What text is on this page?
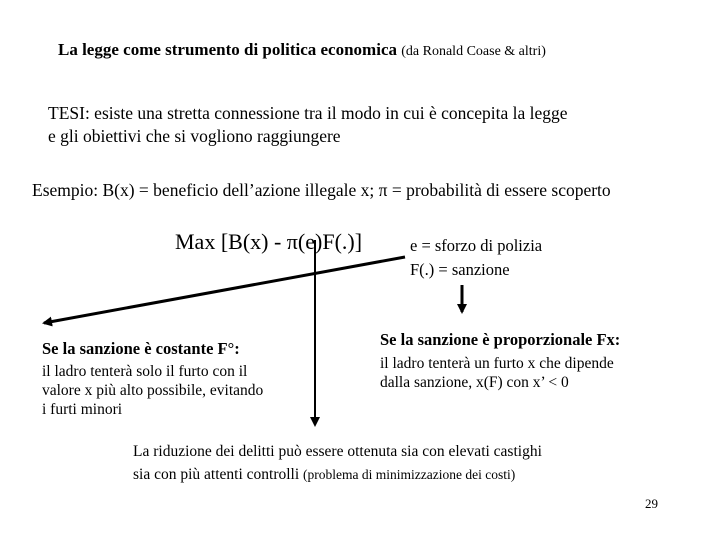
La legge come strumento di politica economica (da Ronald Coase & altri)
TESI: esiste una stretta connessione tra il modo in cui è concepita la legge
e gli obiettivi che si vogliono raggiungere
Esempio: B(x) = beneficio dell’azione illegale x; π = probabilità di essere scoperto
Max [B(x) - π(e)F(.)]	e = sforzo di polizia
F(.) = sanzione
Se la sanzione è costante F°:
il ladro tenterà solo il furto con il
valore x più alto possibile, evitando
i furti minori
Se la sanzione è proporzionale Fx:
il ladro tenterà un furto x che dipende
dalla sanzione, x(F) con x’ < 0
La riduzione dei delitti può essere ottenuta sia con elevati castighi
sia con più attenti controlli (problema di minimizzazione dei costi)
29
